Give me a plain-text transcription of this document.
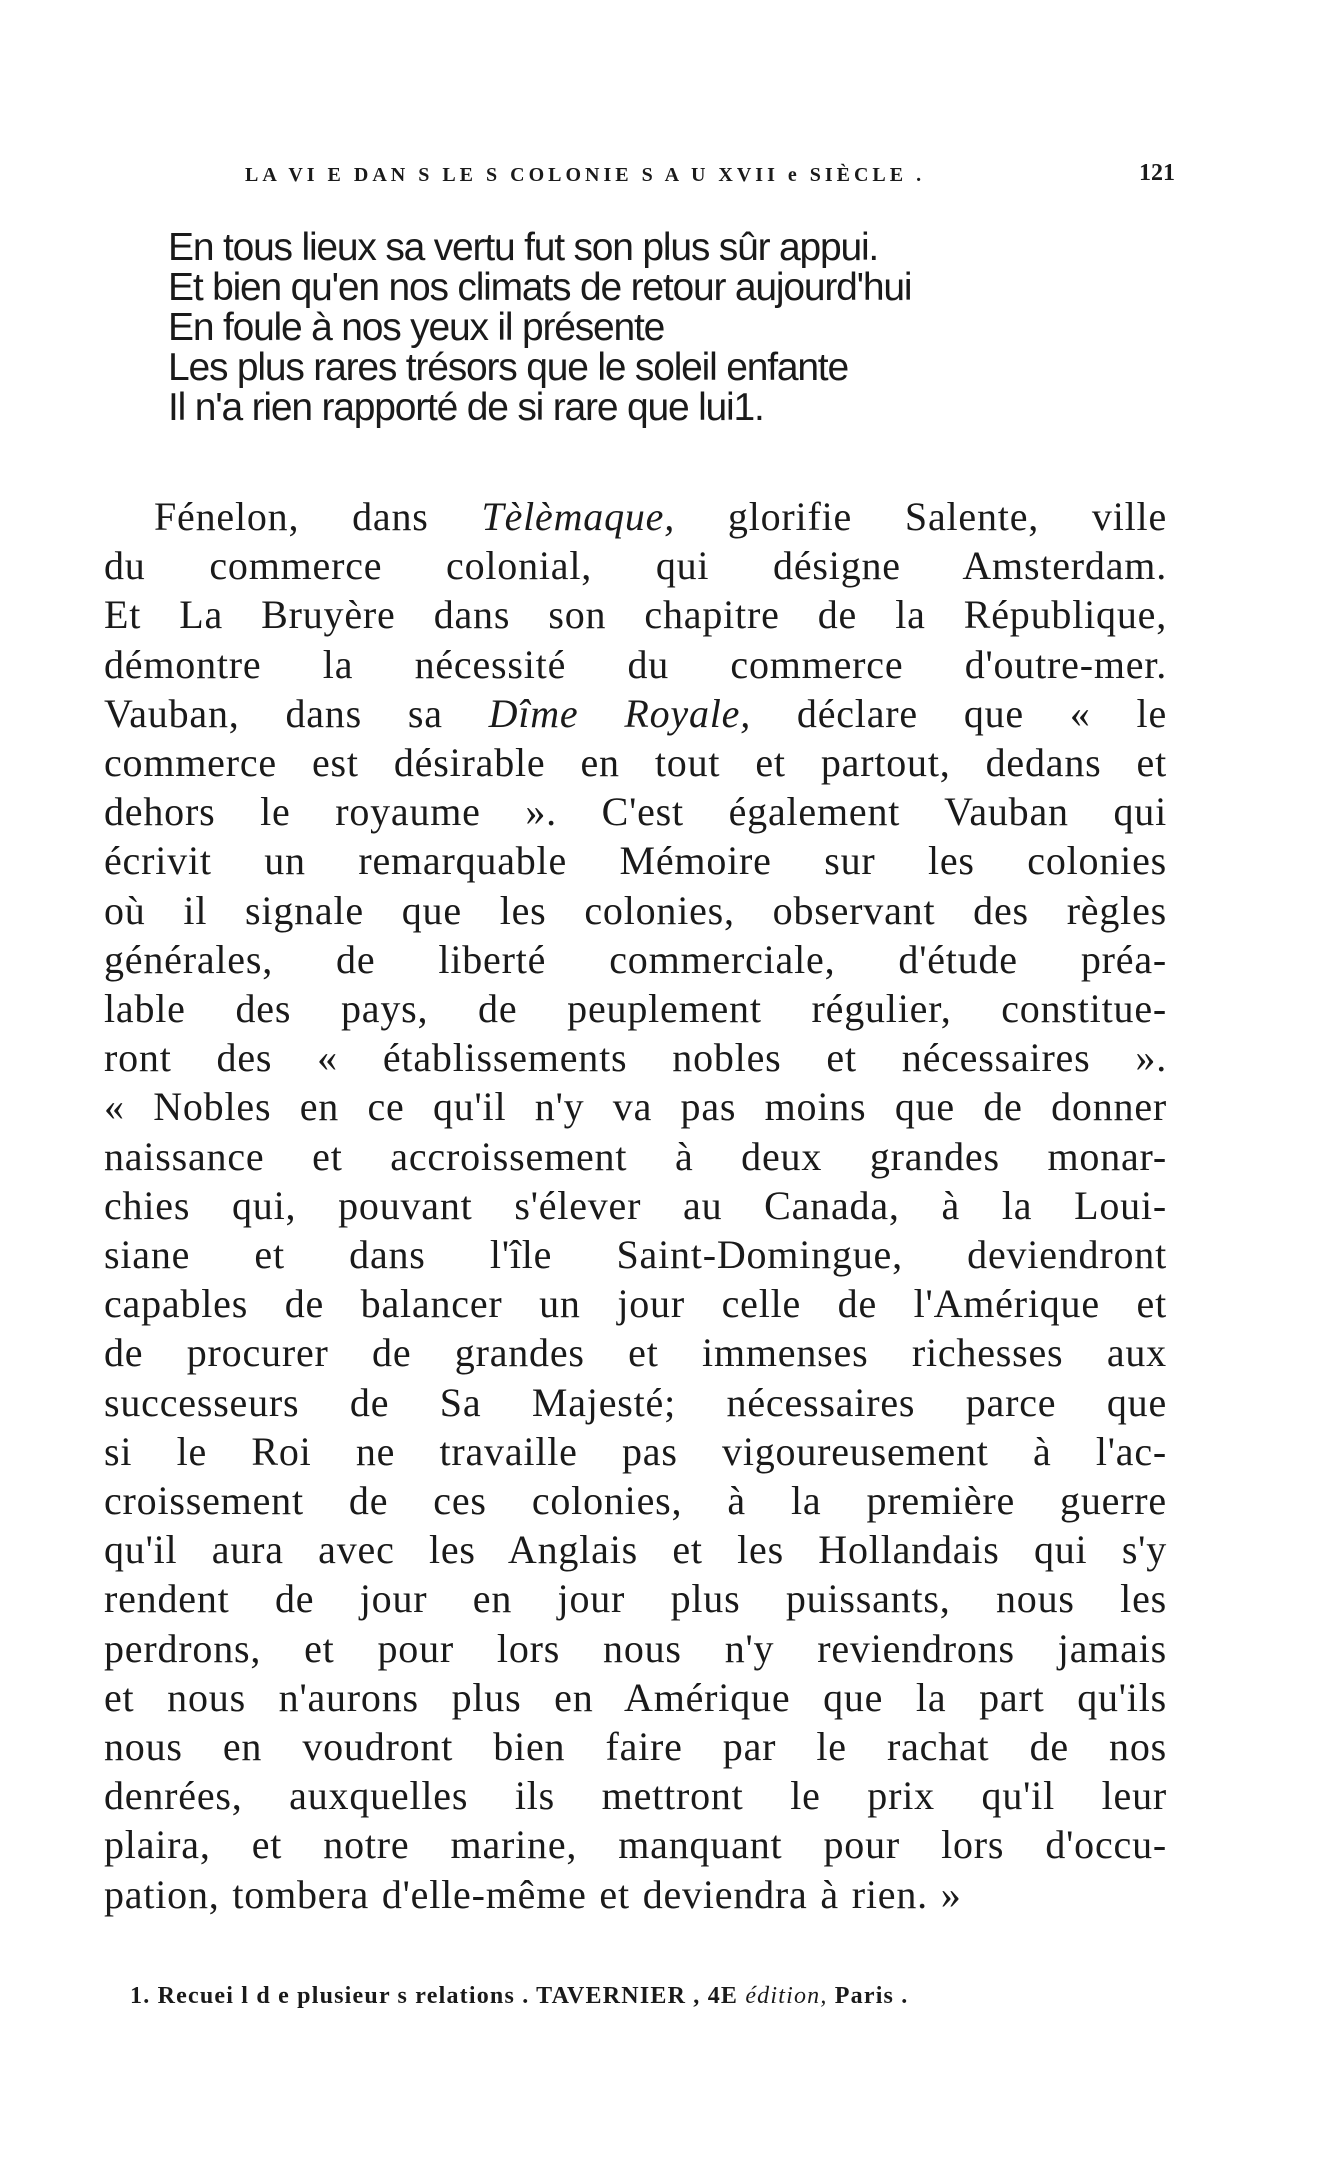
LA VI E DAN S LE S COLONIE S A U XVII e SIÈCLE .	121
En tous lieux sa vertu fut son plus sûr appui.
Et bien qu'en nos climats de retour aujourd'hui
En foule à nos yeux il présente
Les plus rares trésors que le soleil enfante
Il n'a rien rapporté de si rare que lui1.
Fénelon, dans Tèlèmaque, glorifie Salente, ville
du commerce colonial, qui désigne Amsterdam.
Et La Bruyère dans son chapitre de la République,
démontre la nécessité du commerce d'outre-mer.
Vauban, dans sa Dîme Royale, déclare que « le
commerce est désirable en tout et partout, dedans et
dehors le royaume ». C'est également Vauban qui
écrivit un remarquable Mémoire sur les colonies
où il signale que les colonies, observant des règles
générales, de liberté commerciale, d'étude préa-
lable des pays, de peuplement régulier, constitue-
ront des « établissements nobles et nécessaires ».
« Nobles en ce qu'il n'y va pas moins que de donner
naissance et accroissement à deux grandes monar-
chies qui, pouvant s'élever au Canada, à la Loui-
siane et dans l'île Saint-Domingue, deviendront
capables de balancer un jour celle de l'Amérique et
de procurer de grandes et immenses richesses aux
successeurs de Sa Majesté; nécessaires parce que
si le Roi ne travaille pas vigoureusement à l'ac-
croissement de ces colonies, à la première guerre
qu'il aura avec les Anglais et les Hollandais qui s'y
rendent de jour en jour plus puissants, nous les
perdrons, et pour lors nous n'y reviendrons jamais
et nous n'aurons plus en Amérique que la part qu'ils
nous en voudront bien faire par le rachat de nos
denrées, auxquelles ils mettront le prix qu'il leur
plaira, et notre marine, manquant pour lors d'occu-
pation, tombera d'elle-même et deviendra à rien. »
1. Recuei l d e plusieur s relations . TAVERNIER , 4E édition, Paris .
